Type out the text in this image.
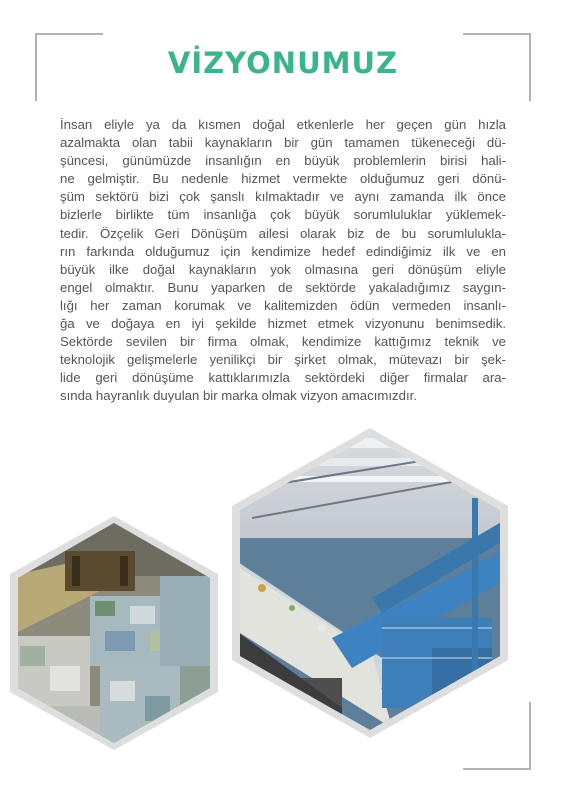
VİZYONUMUZ

İnsan eliyle ya da kısmen doğal etkenlerle her geçen gün hızla
azalmakta olan tabii kaynakların bir gün tamamen tükeneceği dü-
şüncesi, günümüzde insanlığın en büyük problemlerin birisi hali-
ne gelmiştir. Bu nedenle hizmet vermekte olduğumuz geri dönü-
şüm sektörü bizi çok şanslı kılmaktadır ve aynı zamanda ilk önce
bizlerle birlikte tüm insanlığa çok büyük sorumluluklar yüklemek-
tedir. Özçelik Geri Dönüşüm ailesi olarak biz de bu sorumlulukla-
rın farkında olduğumuz için kendimize hedef edindiğimiz ilk ve en
büyük ilke doğal kaynakların yok olmasına geri dönüşüm eliyle
engel olmaktır. Bunu yaparken de sektörde yakaladığımız saygın-
lığı her zaman korumak ve kalitemizden ödün vermeden insanlı-
ğa ve doğaya en iyi şekilde hizmet etmek vizyonunu benimsedik.
Sektörde sevilen bir firma olmak, kendimize kattığımız teknik ve
teknolojik gelişmelerle yenilikçi bir şirket olmak, mütevazı bir şek-
lide geri dönüşüme kattıklarımızla sektördeki diğer firmalar ara-
sında hayranlık duyulan bir marka olmak vizyon amacımızdır.
